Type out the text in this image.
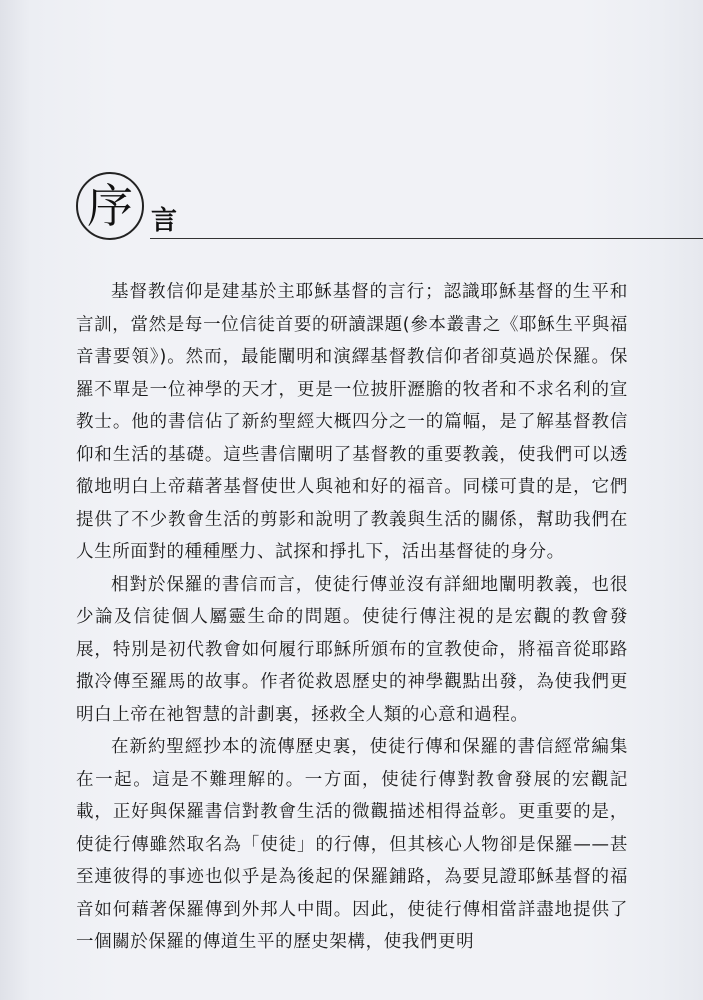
序 言

基督教信仰是建基於主耶穌基督的言行；認識耶穌基督的生平和言訓，當然是每一位信徒首要的研讀課題(參本叢書之《耶穌生平與福音書要領》)。然而，最能闡明和演繹基督教信仰者卻莫過於保羅。保羅不單是一位神學的天才，更是一位披肝瀝膽的牧者和不求名利的宣教士。他的書信佔了新約聖經大概四分之一的篇幅，是了解基督教信仰和生活的基礎。這些書信闡明了基督教的重要教義，使我們可以透徹地明白上帝藉著基督使世人與祂和好的福音。同樣可貴的是，它們提供了不少教會生活的剪影和說明了教義與生活的關係，幫助我們在人生所面對的種種壓力、試探和掙扎下，活出基督徒的身分。

相對於保羅的書信而言，使徒行傳並沒有詳細地闡明教義，也很少論及信徒個人屬靈生命的問題。使徒行傳注視的是宏觀的教會發展，特別是初代教會如何履行耶穌所頒布的宣教使命，將福音從耶路撒冷傳至羅馬的故事。作者從救恩歷史的神學觀點出發，為使我們更明白上帝在祂智慧的計劃裏，拯救全人類的心意和過程。

在新約聖經抄本的流傳歷史裏，使徒行傳和保羅的書信經常編集在一起。這是不難理解的。一方面，使徒行傳對教會發展的宏觀記載，正好與保羅書信對教會生活的微觀描述相得益彰。更重要的是，使徒行傳雖然取名為「使徒」的行傳，但其核心人物卻是保羅——甚至連彼得的事迹也似乎是為後起的保羅鋪路，為要見證耶穌基督的福音如何藉著保羅傳到外邦人中間。因此，使徒行傳相當詳盡地提供了一個關於保羅的傳道生平的歷史架構，使我們更明
